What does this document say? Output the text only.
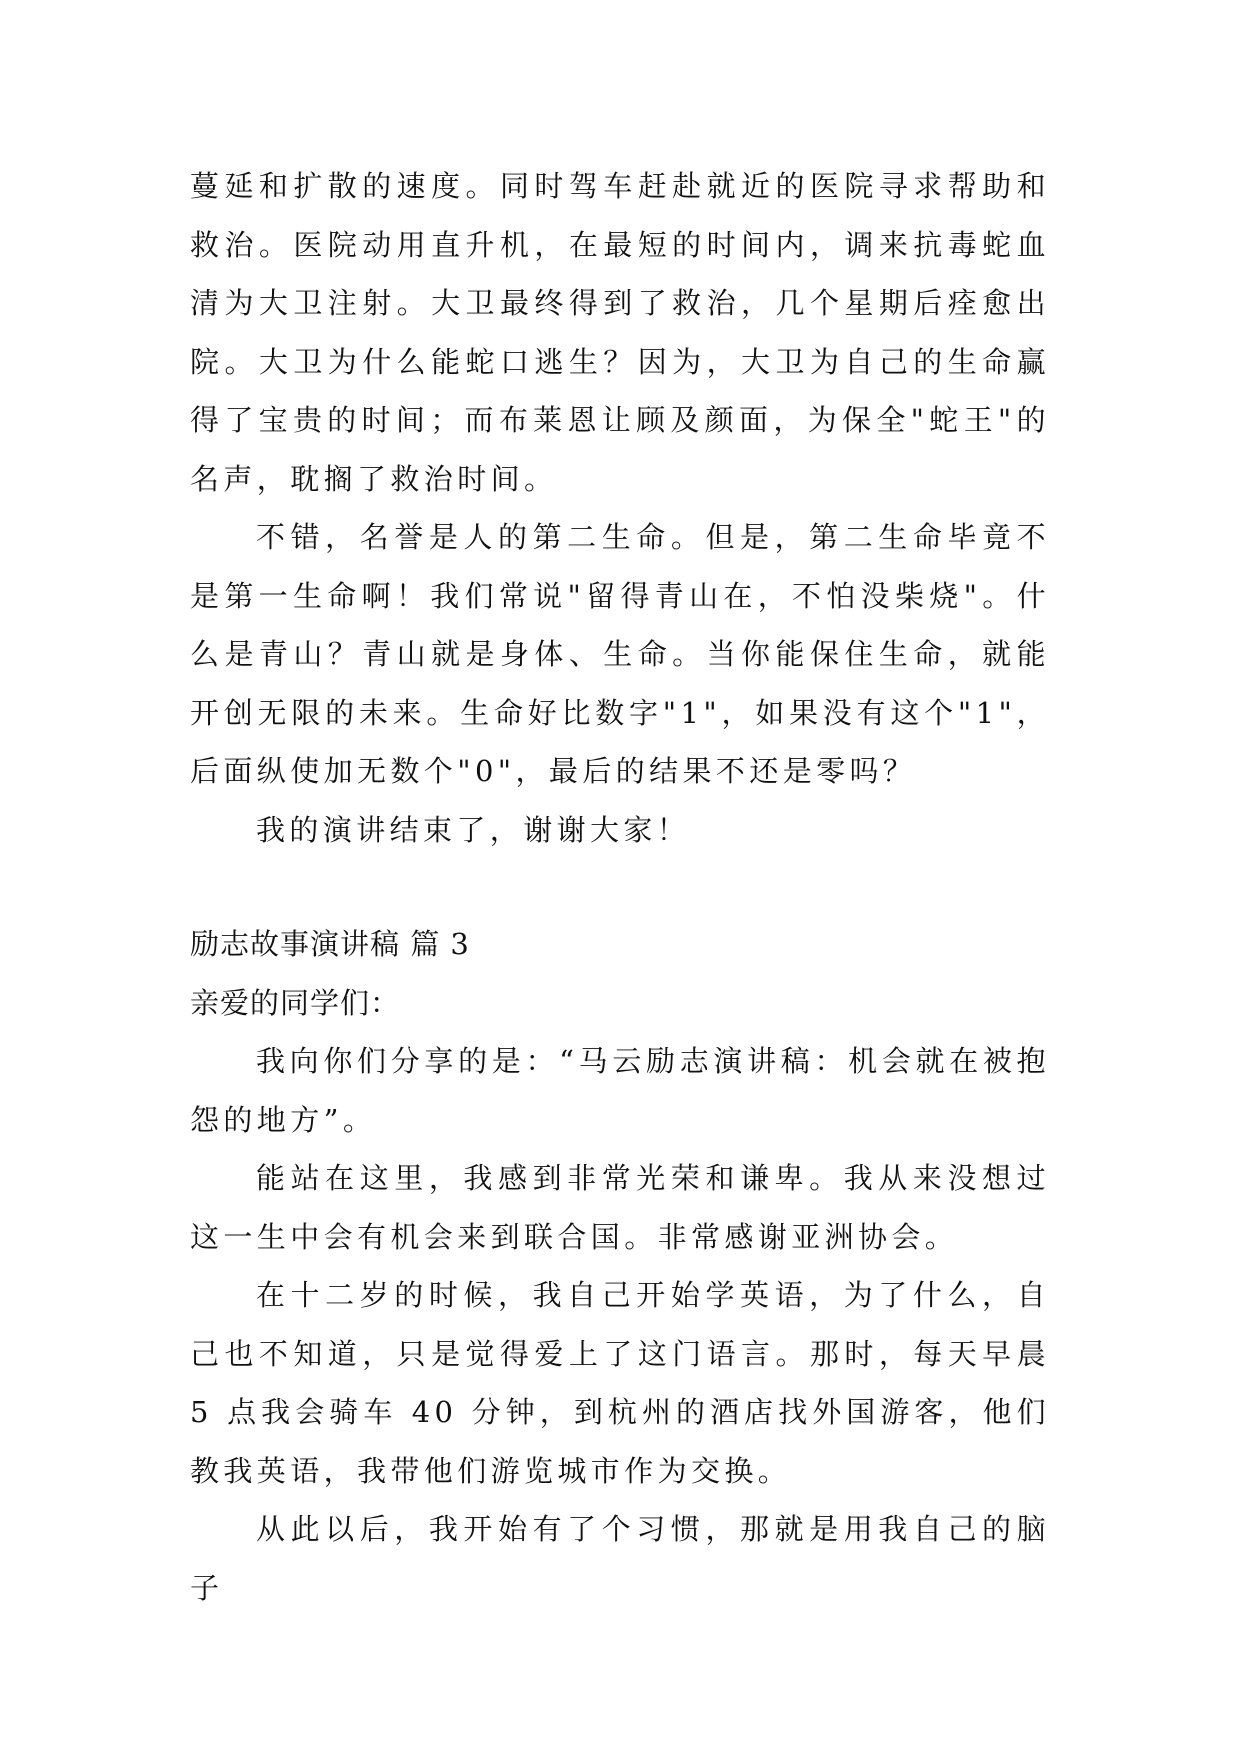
蔓延和扩散的速度。同时驾车赶赴就近的医院寻求帮助和救治。医院动用直升机，在最短的时间内，调来抗毒蛇血清为大卫注射。大卫最终得到了救治，几个星期后痊愈出院。大卫为什么能蛇口逃生？因为，大卫为自己的生命赢得了宝贵的时间；而布莱恩让顾及颜面，为保全"蛇王"的名声，耽搁了救治时间。

不错，名誉是人的第二生命。但是，第二生命毕竟不是第一生命啊！我们常说"留得青山在，不怕没柴烧"。什么是青山？青山就是身体、生命。当你能保住生命，就能开创无限的未来。生命好比数字"1"，如果没有这个"1"，后面纵使加无数个"0"，最后的结果不还是零吗？

我的演讲结束了，谢谢大家！

励志故事演讲稿 篇 3

亲爱的同学们：

我向你们分享的是：“马云励志演讲稿：机会就在被抱怨的地方”。

能站在这里，我感到非常光荣和谦卑。我从来没想过这一生中会有机会来到联合国。非常感谢亚洲协会。

在十二岁的时候，我自己开始学英语，为了什么，自己也不知道，只是觉得爱上了这门语言。那时，每天早晨 5 点我会骑车 40 分钟，到杭州的酒店找外国游客，他们教我英语，我带他们游览城市作为交换。

从此以后，我开始有了个习惯，那就是用我自己的脑子
